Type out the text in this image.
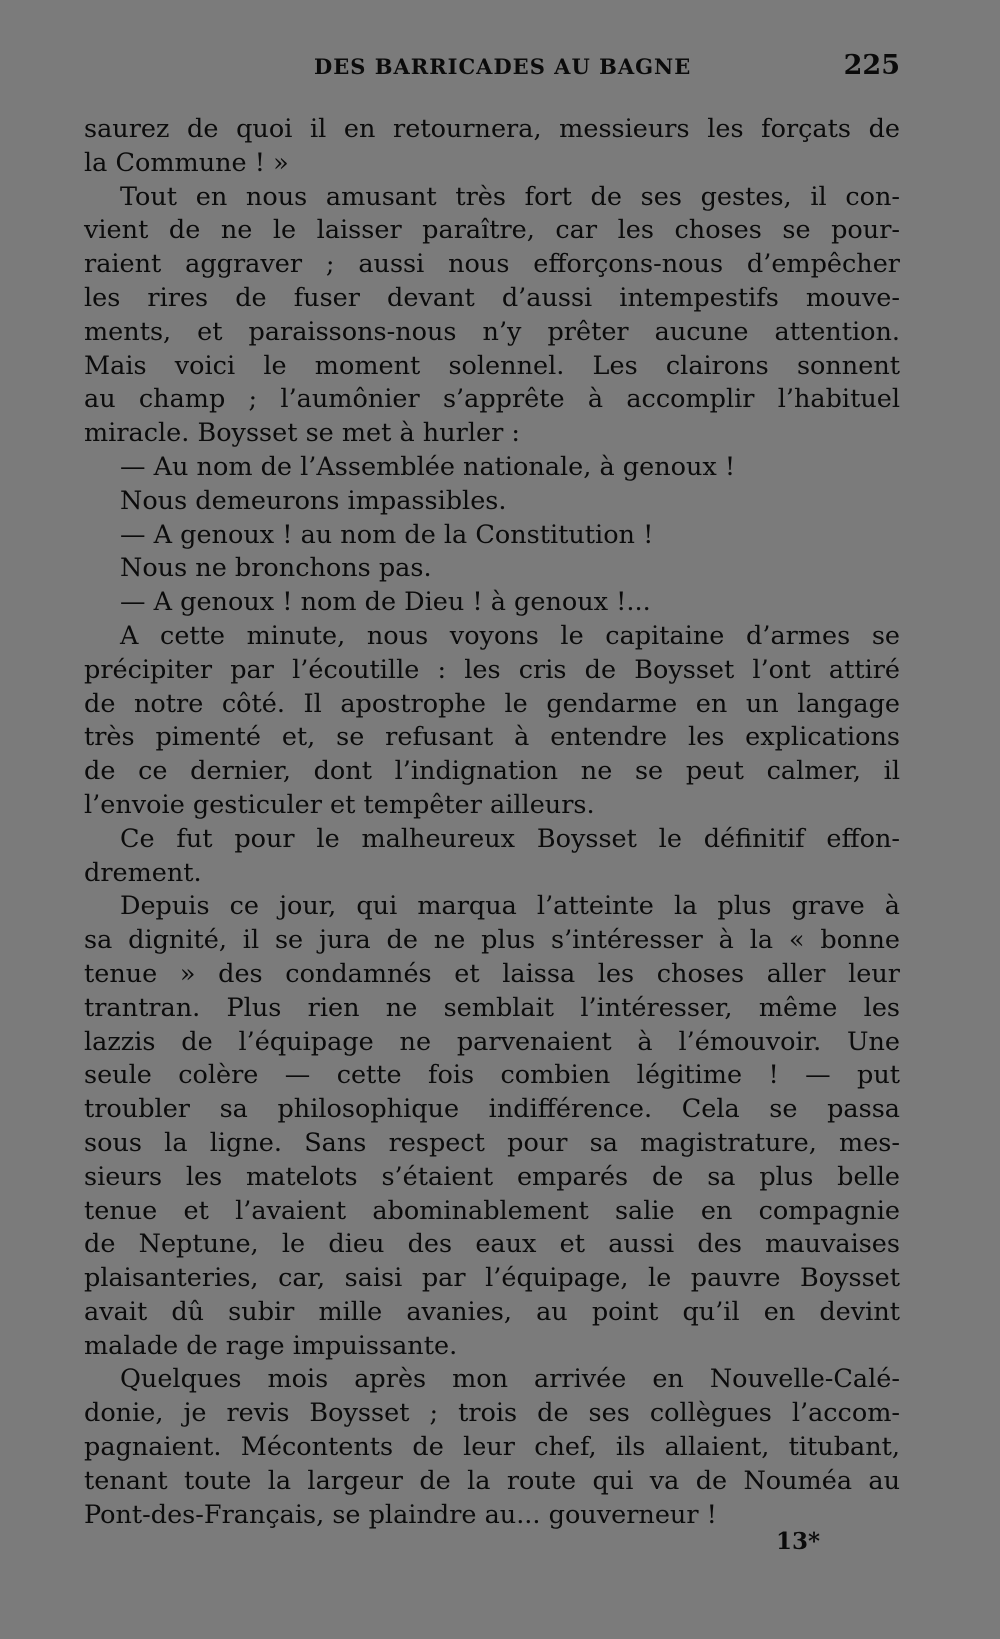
DES BARRICADES AU BAGNE	225
saurez de quoi il en retournera, messieurs les forçats de
la Commune ! »
Tout en nous amusant très fort de ses gestes, il con-
vient de ne le laisser paraître, car les choses se pour-
raient aggraver ; aussi nous efforçons-nous d’empêcher
les rires de fuser devant d’aussi intempestifs mouve-
ments, et paraissons-nous n’y prêter aucune attention.
Mais voici le moment solennel. Les clairons sonnent
au champ ; l’aumônier s’apprête à accomplir l’habituel
miracle. Boysset se met à hurler :
— Au nom de l’Assemblée nationale, à genoux !
Nous demeurons impassibles.
— A genoux ! au nom de la Constitution !
Nous ne bronchons pas.
— A genoux ! nom de Dieu ! à genoux !...
A cette minute, nous voyons le capitaine d’armes se
précipiter par l’écoutille : les cris de Boysset l’ont attiré
de notre côté. Il apostrophe le gendarme en un langage
très pimenté et, se refusant à entendre les explications
de ce dernier, dont l’indignation ne se peut calmer, il
l’envoie gesticuler et tempêter ailleurs.
Ce fut pour le malheureux Boysset le définitif effon-
drement.
Depuis ce jour, qui marqua l’atteinte la plus grave à
sa dignité, il se jura de ne plus s’intéresser à la « bonne
tenue » des condamnés et laissa les choses aller leur
trantran. Plus rien ne semblait l’intéresser, même les
lazzis de l’équipage ne parvenaient à l’émouvoir. Une
seule colère — cette fois combien légitime ! — put
troubler sa philosophique indifférence. Cela se passa
sous la ligne. Sans respect pour sa magistrature, mes-
sieurs les matelots s’étaient emparés de sa plus belle
tenue et l’avaient abominablement salie en compagnie
de Neptune, le dieu des eaux et aussi des mauvaises
plaisanteries, car, saisi par l’équipage, le pauvre Boysset
avait dû subir mille avanies, au point qu’il en devint
malade de rage impuissante.
Quelques mois après mon arrivée en Nouvelle-Calé-
donie, je revis Boysset ; trois de ses collègues l’accom-
pagnaient. Mécontents de leur chef, ils allaient, titubant,
tenant toute la largeur de la route qui va de Nouméa au
Pont-des-Français, se plaindre au... gouverneur !
13*
